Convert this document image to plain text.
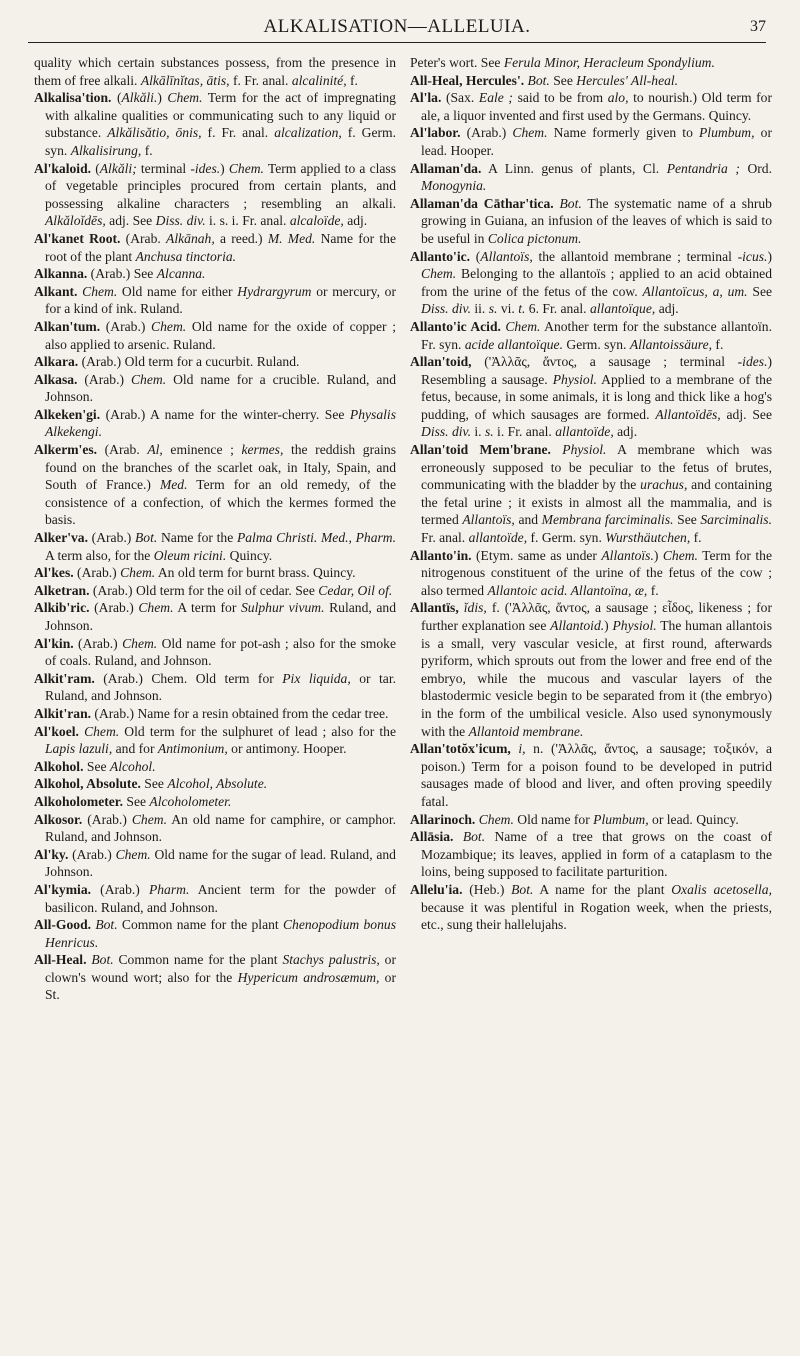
ALKALISATION—ALLELUIA.	37

quality which certain substances possess, from the presence in them of free alkali. Alkālīnĭtas, ātis, f. Fr. anal. alcalinité, f.

Alkalisa'tion. (Alkăli.) Chem. Term for the act of impregnating with alkaline qualities or communicating such to any liquid or substance. Alkălisătio, ōnis, f. Fr. anal. alcalization, f. Germ. syn. Alkalisirung, f.

Al'kaloid. (Alkăli; terminal -ides.) Chem. Term applied to a class of vegetable principles procured from certain plants, and possessing alkaline characters ; resembling an alkali. Alkăloĭdēs, adj. See Diss. div. i. s. i. Fr. anal. alcaloïde, adj.

Al'kanet Root. (Arab. Alkānah, a reed.) M. Med. Name for the root of the plant Anchusa tinctoria.

Alkanna. (Arab.) See Alcanna.

Alkant. Chem. Old name for either Hydrargyrum or mercury, or for a kind of ink. Ruland.

Alkan'tum. (Arab.) Chem. Old name for the oxide of copper ; also applied to arsenic. Ruland.

Alkara. (Arab.) Old term for a cucurbit. Ruland.

Alkasa. (Arab.) Chem. Old name for a crucible. Ruland, and Johnson.

Alkeken'gi. (Arab.) A name for the winter-cherry. See Physalis Alkekengi.

Alkerm'es. (Arab. Al, eminence ; kermes, the reddish grains found on the branches of the scarlet oak, in Italy, Spain, and South of France.) Med. Term for an old remedy, of the consistence of a confection, of which the kermes formed the basis.

Alker'va. (Arab.) Bot. Name for the Palma Christi. Med., Pharm. A term also, for the Oleum ricini. Quincy.

Al'kes. (Arab.) Chem. An old term for burnt brass. Quincy.

Alketran. (Arab.) Old term for the oil of cedar. See Cedar, Oil of.

Alkib'ric. (Arab.) Chem. A term for Sulphur vivum. Ruland, and Johnson.

Al'kin. (Arab.) Chem. Old name for pot-ash ; also for the smoke of coals. Ruland, and Johnson.

Alkit'ram. (Arab.) Chem. Old term for Pix liquida, or tar. Ruland, and Johnson.

Alkit'ran. (Arab.) Name for a resin obtained from the cedar tree.

Al'koel. Chem. Old term for the sulphuret of lead ; also for the Lapis lazuli, and for Antimonium, or antimony. Hooper.

Alkohol. See Alcohol.

Alkohol, Absolute. See Alcohol, Absolute.

Alkoholometer. See Alcoholometer.

Alkosor. (Arab.) Chem. An old name for camphire, or camphor. Ruland, and Johnson.

Al'ky. (Arab.) Chem. Old name for the sugar of lead. Ruland, and Johnson.

Al'kymia. (Arab.) Pharm. Ancient term for the powder of basilicon. Ruland, and Johnson.

All-Good. Bot. Common name for the plant Chenopodium bonus Henricus.

All-Heal. Bot. Common name for the plant Stachys palustris, or clown's wound wort; also for the Hypericum androsæmum, or St.

Peter's wort. See Ferula Minor, Heracleum Spondylium.

All-Heal, Hercules'. Bot. See Hercules' All-heal.

Al'la. (Sax. Eale ; said to be from alo, to nourish.) Old term for ale, a liquor invented and first used by the Germans. Quincy.

Al'labor. (Arab.) Chem. Name formerly given to Plumbum, or lead. Hooper.

Allaman'da. A Linn. genus of plants, Cl. Pentandria ; Ord. Monogynia.

Allaman'da Cāthar'tica. Bot. The systematic name of a shrub growing in Guiana, an infusion of the leaves of which is said to be useful in Colica pictonum.

Allanto'ic. (Allantoïs, the allantoid membrane ; terminal -icus.) Chem. Belonging to the allantoïs ; applied to an acid obtained from the urine of the fetus of the cow. Allantoïcus, a, um. See Diss. div. ii. s. vi. t. 6. Fr. anal. allantoïque, adj.

Allanto'ic Acid. Chem. Another term for the substance allantoïn. Fr. syn. acide allantoïque. Germ. syn. Allantoissäure, f.

Allan'toid, ('Ἀλλᾶς, ἄντος, a sausage ; terminal -ides.) Resembling a sausage. Physiol. Applied to a membrane of the fetus, because, in some animals, it is long and thick like a hog's pudding, of which sausages are formed. Allantoïdēs, adj. See Diss. div. i. s. i. Fr. anal. allantoïde, adj.

Allan'toid Mem'brane. Physiol. A membrane which was erroneously supposed to be peculiar to the fetus of brutes, communicating with the bladder by the urachus, and containing the fetal urine ; it exists in almost all the mammalia, and is termed Allantoïs, and Membrana farciminalis. See Sarciminalis. Fr. anal. allantoïde, f. Germ. syn. Wursthäutchen, f.

Allanto'in. (Etym. same as under Allantoïs.) Chem. Term for the nitrogenous constituent of the urine of the fetus of the cow ; also termed Allantoic acid. Allantoïna, æ, f.

Allantïs, ĭdis, f. ('Ἀλλᾶς, ἄντος, a sausage ; εἶδος, likeness ; for further explanation see Allantoid.) Physiol. The human allantois is a small, very vascular vesicle, at first round, afterwards pyriform, which sprouts out from the lower and free end of the embryo, while the mucous and vascular layers of the blastodermic vesicle begin to be separated from it (the embryo) in the form of the umbilical vesicle. Also used synonymously with the Allantoid membrane.

Allan'totŏx'icum, i, n. ('Ἀλλᾶς, ἄντος, a sausage; τοξικόν, a poison.) Term for a poison found to be developed in putrid sausages made of blood and liver, and often proving speedily fatal.

Allarinoch. Chem. Old name for Plumbum, or lead. Quincy.

Allāsia. Bot. Name of a tree that grows on the coast of Mozambique; its leaves, applied in form of a cataplasm to the loins, being supposed to facilitate parturition.

Allelu'ia. (Heb.) Bot. A name for the plant Oxalis acetosella, because it was plentiful in Rogation week, when the priests, etc., sung their hallelujahs.
